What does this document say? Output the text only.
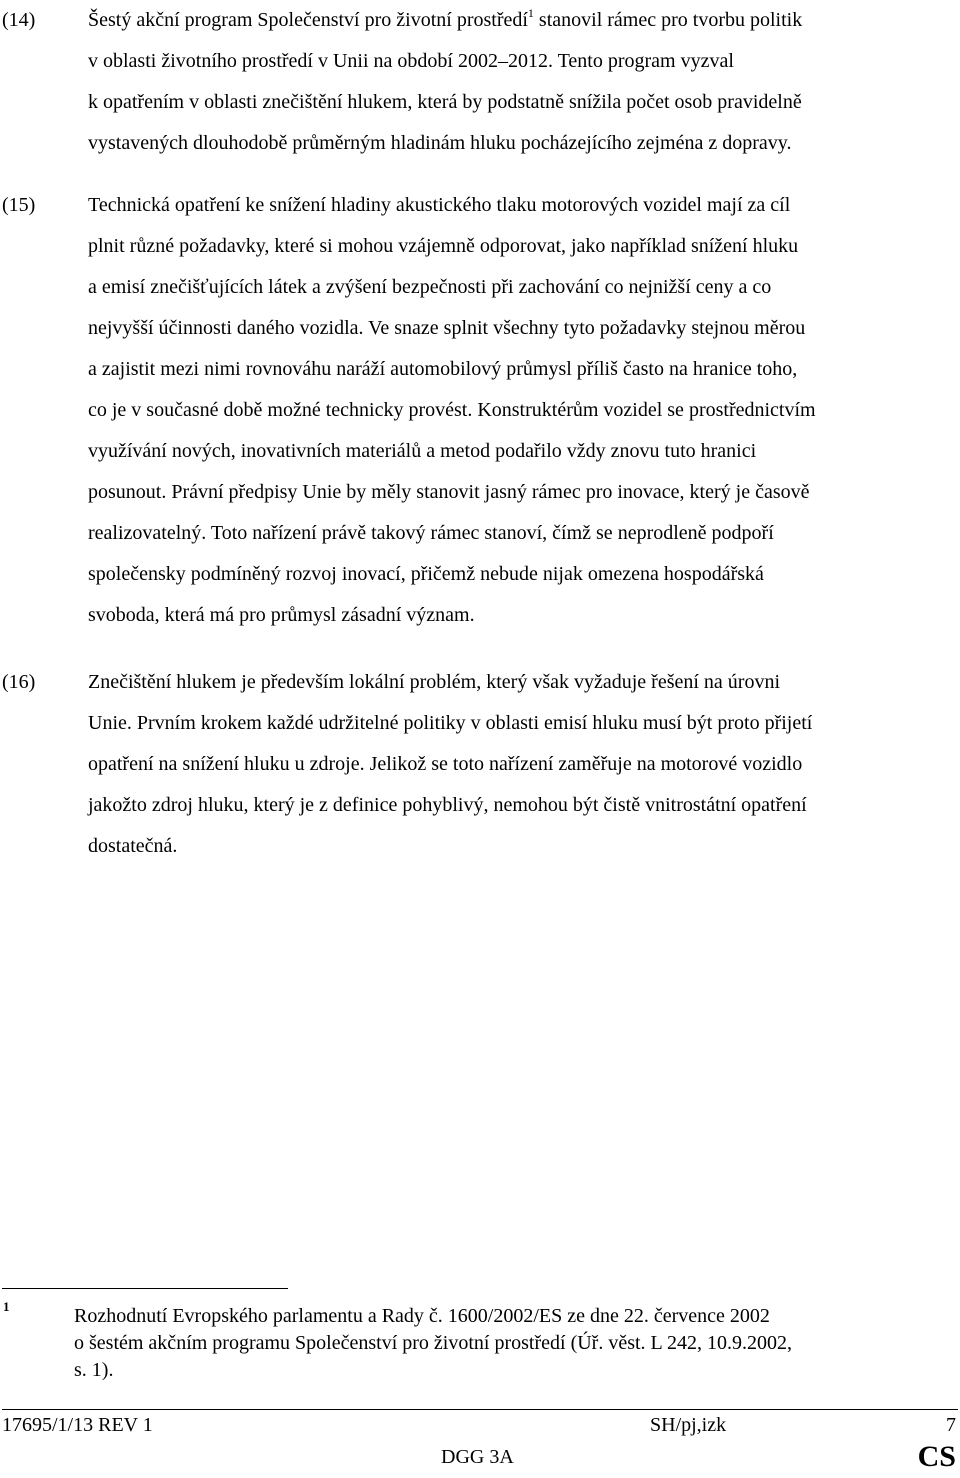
(14)	Šestý akční program Společenství pro životní prostředí$^1$ stanovil rámec pro tvorbu politik
v oblasti životního prostředí v Unii na období 2002–2012. Tento program vyzval
k opatřením v oblasti znečištění hlukem, která by podstatně snížila počet osob pravidelně
vystavených dlouhodobě průměrným hladinám hluku pocházejícího zejména z dopravy.
(15)	Technická opatření ke snížení hladiny akustického tlaku motorových vozidel mají za cíl
plnit různé požadavky, které si mohou vzájemně odporovat, jako například snížení hluku
a emisí znečišťujících látek a zvýšení bezpečnosti při zachování co nejnižší ceny a co
nejvyšší účinnosti daného vozidla. Ve snaze splnit všechny tyto požadavky stejnou měrou
a zajistit mezi nimi rovnováhu naráží automobilový průmysl příliš často na hranice toho,
co je v současné době možné technicky provést. Konstruktérům vozidel se prostřednictvím
využívání nových, inovativních materiálů a metod podařilo vždy znovu tuto hranici
posunout. Právní předpisy Unie by měly stanovit jasný rámec pro inovace, který je časově
realizovatelný. Toto nařízení právě takový rámec stanoví, čímž se neprodleně podpoří
společensky podmíněný rozvoj inovací, přičemž nebude nijak omezena hospodářská
svoboda, která má pro průmysl zásadní význam.
(16)	Znečištění hlukem je především lokální problém, který však vyžaduje řešení na úrovni
Unie. Prvním krokem každé udržitelné politiky v oblasti emisí hluku musí být proto přijetí
opatření na snížení hluku u zdroje. Jelikož se toto nařízení zaměřuje na motorové vozidlo
jakožto zdroj hluku, který je z definice pohyblivý, nemohou být čistě vnitrostátní opatření
dostatečná.
1	Rozhodnutí Evropského parlamentu a Rady č. 1600/2002/ES ze dne 22. července 2002
o šestém akčním programu Společenství pro životní prostředí (Úř. věst. L 242, 10.9.2002,
s. 1).
17695/1/13 REV 1	SH/pj,izk	7
DGG 3A	CS
